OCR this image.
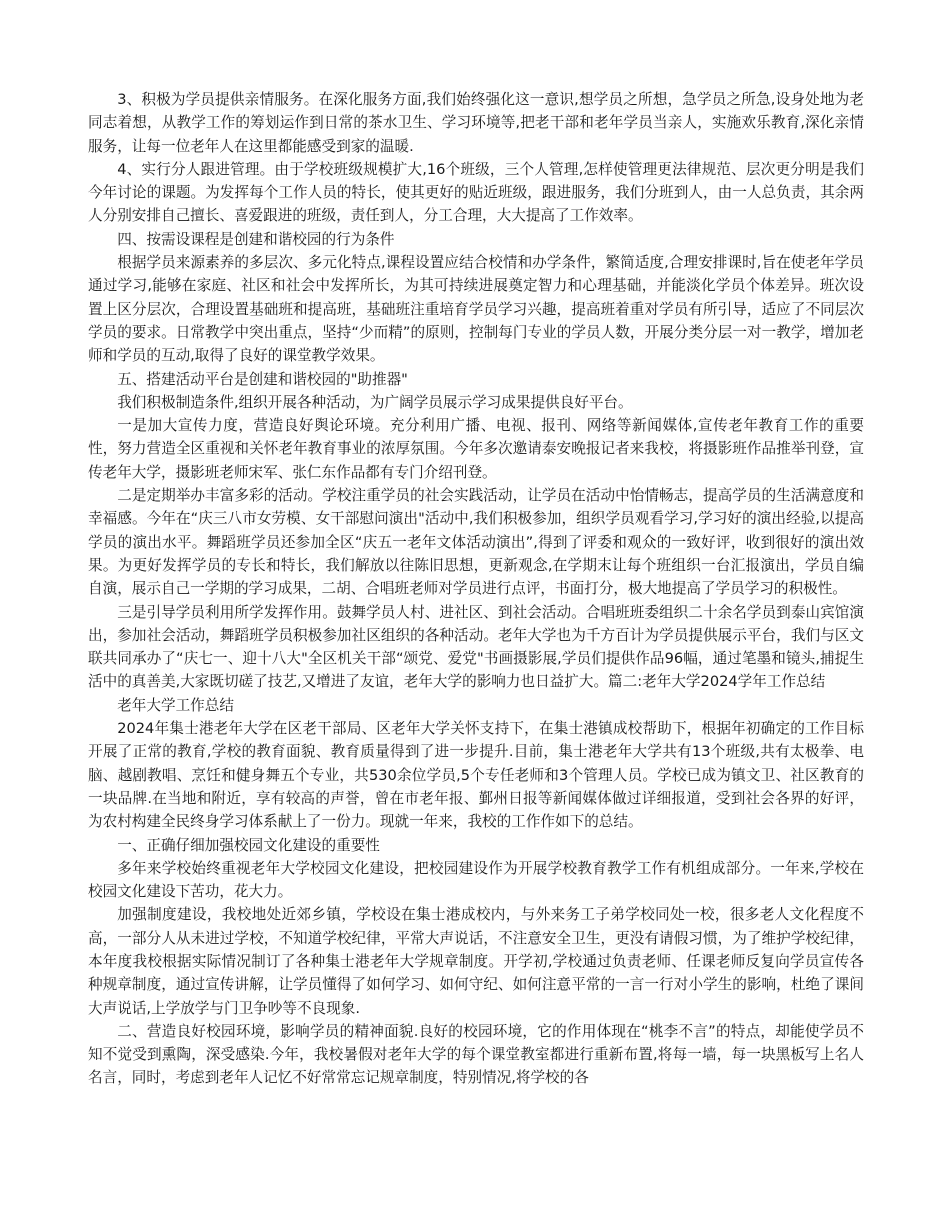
3、积极为学员提供亲情服务。在深化服务方面,我们始终强化这一意识,想学员之所想，急学员之所急,设身处地为老同志着想，从教学工作的筹划运作到日常的茶水卫生、学习环境等,把老干部和老年学员当亲人，实施欢乐教育,深化亲情服务，让每一位老年人在这里都能感受到家的温暖.

4、实行分人跟进管理。由于学校班级规模扩大,16个班级，三个人管理,怎样使管理更法律规范、层次更分明是我们今年讨论的课题。为发挥每个工作人员的特长，使其更好的贴近班级，跟进服务，我们分班到人，由一人总负责，其余两人分别安排自己擅长、喜爱跟进的班级，责任到人，分工合理，大大提高了工作效率。

四、按需设课程是创建和谐校园的行为条件

根据学员来源素养的多层次、多元化特点,课程设置应结合校情和办学条件，繁简适度,合理安排课时,旨在使老年学员通过学习,能够在家庭、社区和社会中发挥所长，为其可持续进展奠定智力和心理基础，并能淡化学员个体差异。班次设置上区分层次，合理设置基础班和提高班，基础班注重培育学员学习兴趣，提高班着重对学员有所引导，适应了不同层次学员的要求。日常教学中突出重点，坚持“少而精”的原则，控制每门专业的学员人数，开展分类分层一对一教学，增加老师和学员的互动,取得了良好的课堂教学效果。

五、搭建活动平台是创建和谐校园的"助推器"

我们积极制造条件,组织开展各种活动，为广阔学员展示学习成果提供良好平台。

一是加大宣传力度，营造良好舆论环境。充分利用广播、电视、报刊、网络等新闻媒体,宣传老年教育工作的重要性，努力营造全区重视和关怀老年教育事业的浓厚氛围。今年多次邀请泰安晚报记者来我校，将摄影班作品推举刊登，宣传老年大学，摄影班老师宋军、张仁东作品都有专门介绍刊登。

二是定期举办丰富多彩的活动。学校注重学员的社会实践活动，让学员在活动中怡情畅志，提高学员的生活满意度和幸福感。今年在“庆三八市女劳模、女干部慰问演出"活动中,我们积极参加，组织学员观看学习,学习好的演出经验,以提高学员的演出水平。舞蹈班学员还参加全区“庆五一老年文体活动演出”,得到了评委和观众的一致好评，收到很好的演出效果。为更好发挥学员的专长和特长，我们解放以往陈旧思想，更新观念,在学期末让每个班组织一台汇报演出，学员自编自演，展示自己一学期的学习成果，二胡、合唱班老师对学员进行点评，书面打分，极大地提高了学员学习的积极性。

三是引导学员利用所学发挥作用。鼓舞学员人村、进社区、到社会活动。合唱班班委组织二十余名学员到泰山宾馆演出，参加社会活动，舞蹈班学员积极参加社区组织的各种活动。老年大学也为千方百计为学员提供展示平台，我们与区文联共同承办了“庆七一、迎十八大"全区机关干部“颂党、爱党"书画摄影展,学员们提供作品96幅，通过笔墨和镜头,捕捉生活中的真善美,大家既切磋了技艺,又增进了友谊，老年大学的影响力也日益扩大。篇二:老年大学2024学年工作总结

老年大学工作总结

2024年集士港老年大学在区老干部局、区老年大学关怀支持下，在集士港镇成校帮助下，根据年初确定的工作目标开展了正常的教育,学校的教育面貌、教育质量得到了进一步提升.目前，集士港老年大学共有13个班级,共有太极拳、电脑、越剧教唱、烹饪和健身舞五个专业，共530余位学员,5个专任老师和3个管理人员。学校已成为镇文卫、社区教育的一块品牌.在当地和附近，享有较高的声誉，曾在市老年报、鄞州日报等新闻媒体做过详细报道，受到社会各界的好评，为农村构建全民终身学习体系献上了一份力。现就一年来，我校的工作作如下的总结。

一、正确仔细加强校园文化建设的重要性

多年来学校始终重视老年大学校园文化建设，把校园建设作为开展学校教育教学工作有机组成部分。一年来,学校在校园文化建设下苦功，花大力。

加强制度建设，我校地处近郊乡镇，学校设在集士港成校内，与外来务工子弟学校同处一校，很多老人文化程度不高，一部分人从未进过学校，不知道学校纪律，平常大声说话，不注意安全卫生，更没有请假习惯，为了维护学校纪律，本年度我校根据实际情况制订了各种集士港老年大学规章制度。开学初,学校通过负责老师、任课老师反复向学员宣传各种规章制度，通过宣传讲解，让学员懂得了如何学习、如何守纪、如何注意平常的一言一行对小学生的影响，杜绝了课间大声说话,上学放学与门卫争吵等不良现象.

二、营造良好校园环境，影响学员的精神面貌.良好的校园环境，它的作用体现在“桃李不言”的特点，却能使学员不知不觉受到熏陶，深受感染.今年，我校暑假对老年大学的每个课堂教室都进行重新布置,将每一墙，每一块黑板写上名人名言，同时，考虑到老年人记忆不好常常忘记规章制度，特别情况,将学校的各
